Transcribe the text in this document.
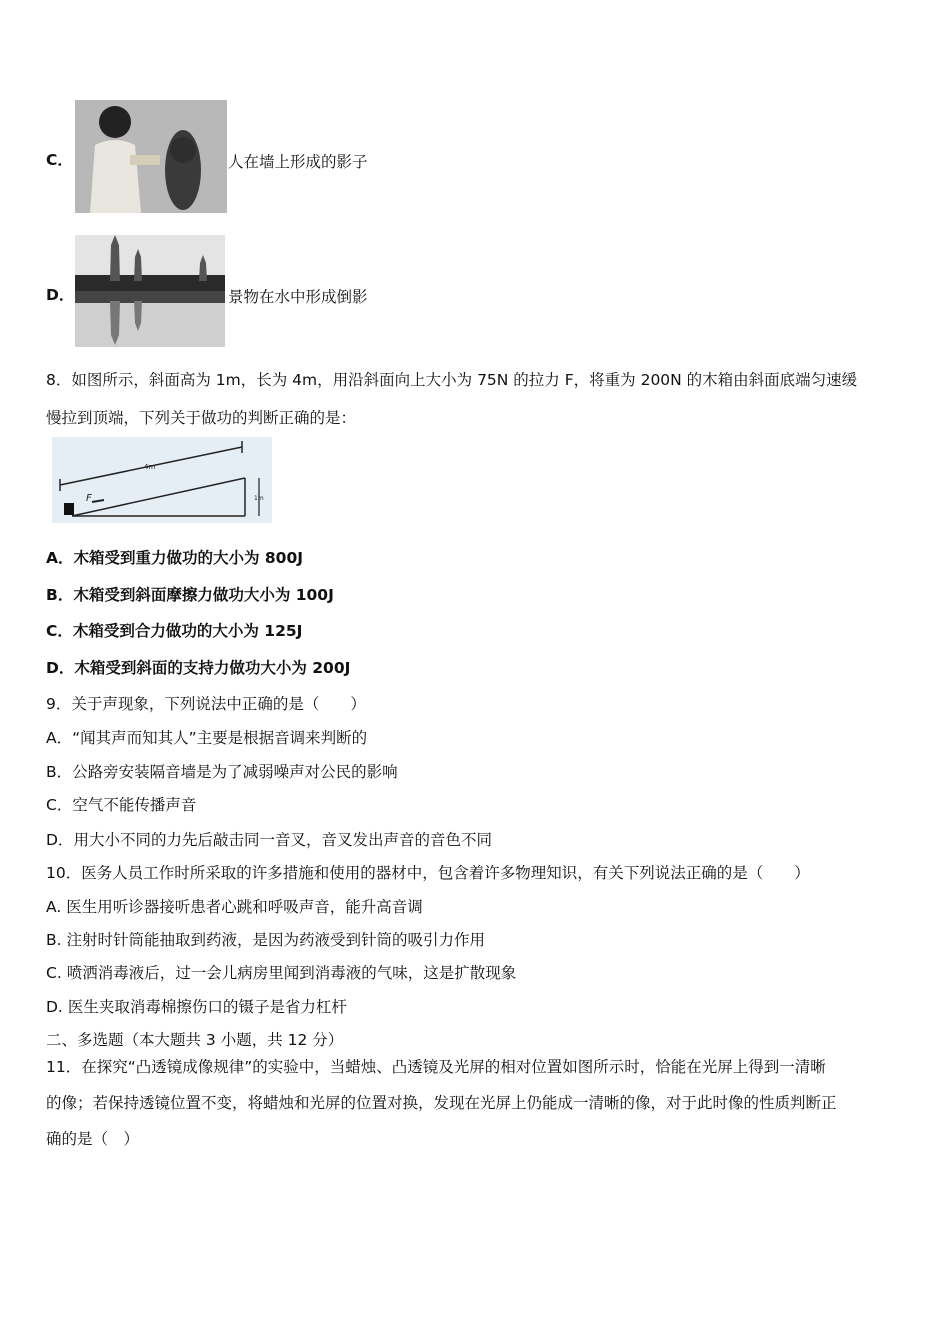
C．	人在墙上形成的影子
D．	景物在水中形成倒影
8．如图所示，斜面高为 1m，长为 4m，用沿斜面向上大小为 75N 的拉力 F，将重为 200N 的木箱由斜面底端匀速缓
慢拉到顶端，下列关于做功的判断正确的是：
F
4m
1m
A．木箱受到重力做功的大小为 800J
B．木箱受到斜面摩擦力做功大小为 100J
C．木箱受到合力做功的大小为 125J
D．木箱受到斜面的支持力做功大小为 200J
9．关于声现象，下列说法中正确的是（　　）
A．“闻其声而知其人”主要是根据音调来判断的
B．公路旁安装隔音墙是为了减弱噪声对公民的影响
C．空气不能传播声音
D．用大小不同的力先后敲击同一音叉，音叉发出声音的音色不同
10．医务人员工作时所采取的许多措施和使用的器材中，包含着许多物理知识，有关下列说法正确的是（　　）
A. 医生用听诊器接听患者心跳和呼吸声音，能升高音调
B. 注射时针筒能抽取到药液，是因为药液受到针筒的吸引力作用
C. 喷洒消毒液后，过一会儿病房里闻到消毒液的气味，这是扩散现象
D. 医生夹取消毒棉擦伤口的镊子是省力杠杆
二、多选题（本大题共 3 小题，共 12 分）
11．在探究“凸透镜成像规律”的实验中，当蜡烛、凸透镜及光屏的相对位置如图所示时，恰能在光屏上得到一清晰
的像；若保持透镜位置不变，将蜡烛和光屏的位置对换，发现在光屏上仍能成一清晰的像，对于此时像的性质判断正
确的是（　）
